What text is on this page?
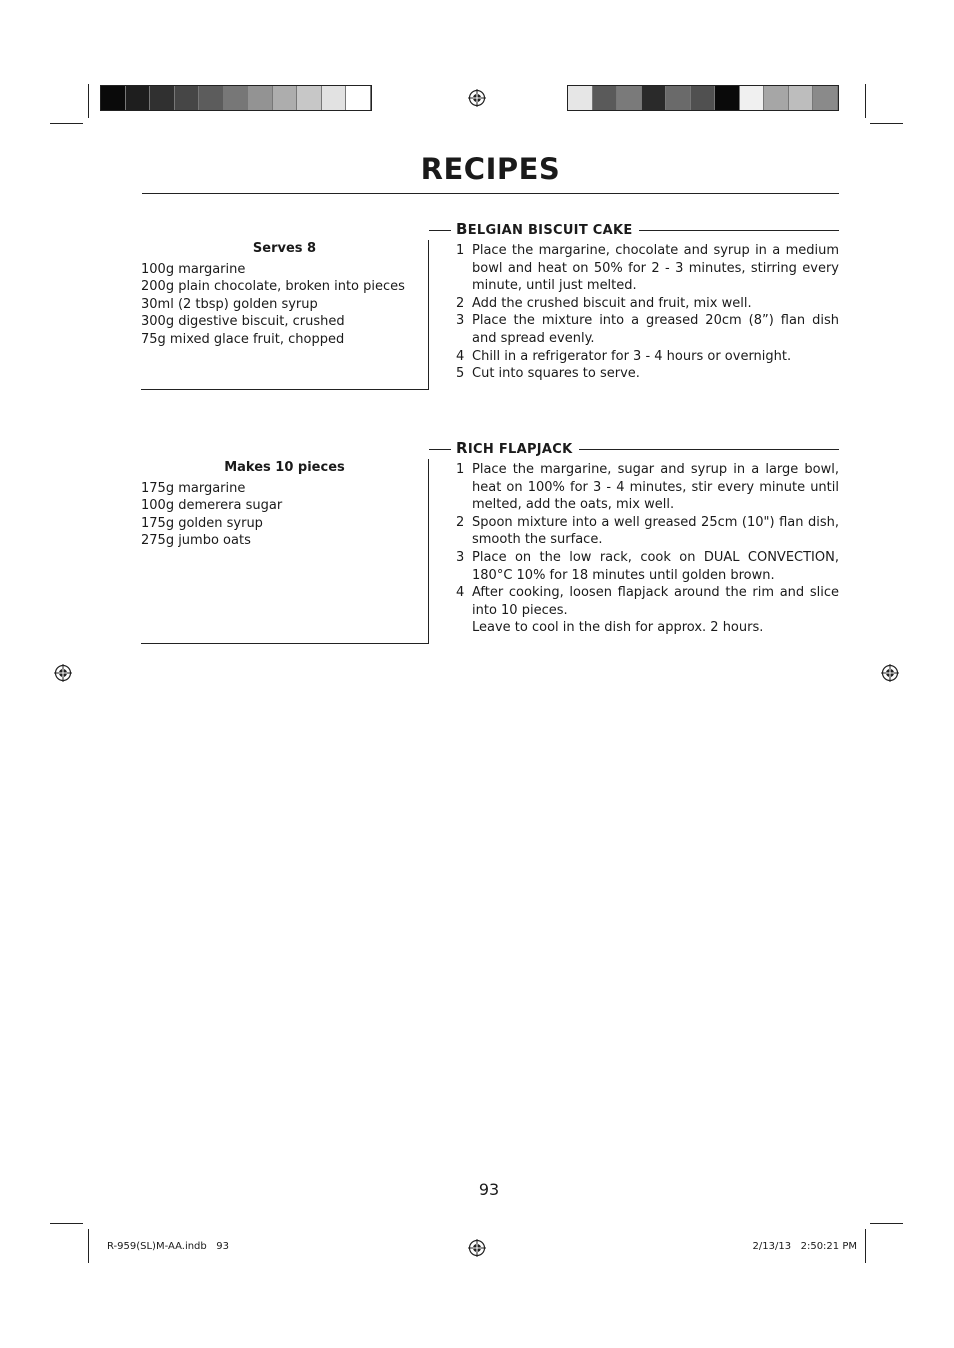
RECIPES
Serves 8
100g margarine
200g plain chocolate, broken into pieces
30ml (2 tbsp) golden syrup
300g digestive biscuit, crushed
75g mixed glace fruit, chopped
BELGIAN BISCUIT CAKE
1 Place the margarine, chocolate and syrup in a medium bowl and heat on 50% for 2 - 3 minutes, stirring every minute, until just melted.
2 Add the crushed biscuit and fruit, mix well.
3 Place the mixture into a greased 20cm (8”) flan dish and spread evenly.
4 Chill in a refrigerator for 3 - 4 hours or overnight.
5 Cut into squares to serve.
Makes 10 pieces
175g margarine
100g demerera sugar
175g golden syrup
275g jumbo oats
RICH FLAPJACK
1 Place the margarine, sugar and syrup in a large bowl, heat on 100% for 3 - 4 minutes, stir every minute until melted, add the oats, mix well.
2 Spoon mixture into a well greased 25cm (10") flan dish, smooth the surface.
3 Place on the low rack, cook on DUAL CONVECTION, 180°C 10% for 18 minutes until golden brown.
4 After cooking, loosen flapjack around the rim and slice into 10 pieces.
Leave to cool in the dish for approx. 2 hours.
93
R-959(SL)M-AA.indb   93	2/13/13   2:50:21 PM
